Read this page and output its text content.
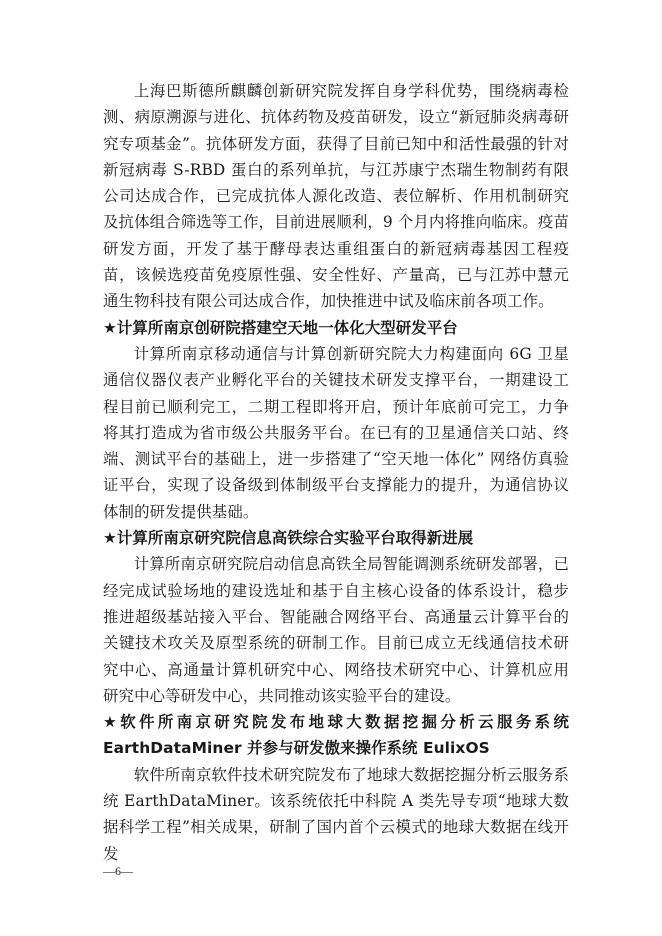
上海巴斯德所麒麟创新研究院发挥自身学科优势，围绕病毒检测、病原溯源与进化、抗体药物及疫苗研发，设立“新冠肺炎病毒研究专项基金”。抗体研发方面，获得了目前已知中和活性最强的针对新冠病毒 S-RBD 蛋白的系列单抗，与江苏康宁杰瑞生物制药有限公司达成合作，已完成抗体人源化改造、表位解析、作用机制研究及抗体组合筛选等工作，目前进展顺利，9 个月内将推向临床。疫苗研发方面，开发了基于酵母表达重组蛋白的新冠病毒基因工程疫苗，该候选疫苗免疫原性强、安全性好、产量高，已与江苏中慧元通生物科技有限公司达成合作，加快推进中试及临床前各项工作。

★计算所南京创研院搭建空天地一体化大型研发平台

计算所南京移动通信与计算创新研究院大力构建面向 6G 卫星通信仪器仪表产业孵化平台的关键技术研发支撑平台，一期建设工程目前已顺利完工，二期工程即将开启，预计年底前可完工，力争将其打造成为省市级公共服务平台。在已有的卫星通信关口站、终端、测试平台的基础上，进一步搭建了“空天地一体化” 网络仿真验证平台，实现了设备级到体制级平台支撑能力的提升，为通信协议体制的研发提供基础。

★计算所南京研究院信息高铁综合实验平台取得新进展

计算所南京研究院启动信息高铁全局智能调测系统研发部署，已经完成试验场地的建设选址和基于自主核心设备的体系设计，稳步推进超级基站接入平台、智能融合网络平台、高通量云计算平台的关键技术攻关及原型系统的研制工作。目前已成立无线通信技术研究中心、高通量计算机研究中心、网络技术研究中心、计算机应用研究中心等研发中心，共同推动该实验平台的建设。

★软件所南京研究院发布地球大数据挖掘分析云服务系统 EarthDataMiner 并参与研发傲来操作系统 EulixOS

软件所南京软件技术研究院发布了地球大数据挖掘分析云服务系统 EarthDataMiner。该系统依托中科院 A 类先导专项“地球大数据科学工程”相关成果，研制了国内首个云模式的地球大数据在线开发

—6—
